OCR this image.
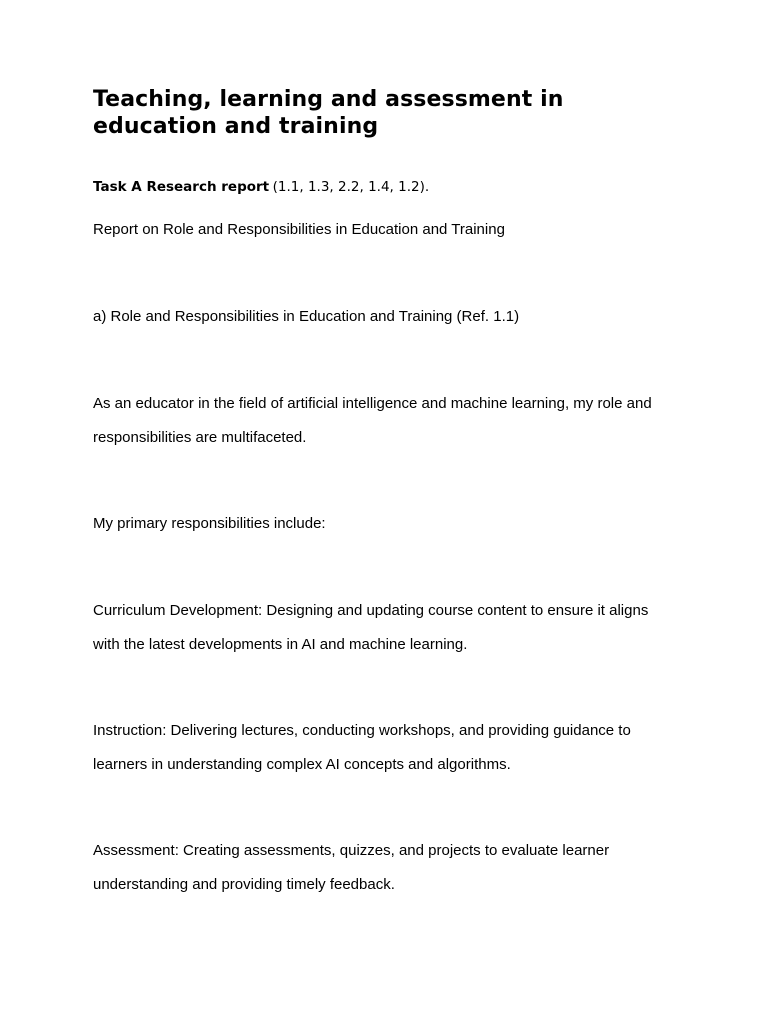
Teaching, learning and assessment in education and training

Task A Research report (1.1, 1.3, 2.2, 1.4, 1.2).

Report on Role and Responsibilities in Education and Training

a) Role and Responsibilities in Education and Training (Ref. 1.1)

As an educator in the field of artificial intelligence and machine learning, my role and
responsibilities are multifaceted.

My primary responsibilities include:

Curriculum Development: Designing and updating course content to ensure it aligns
with the latest developments in AI and machine learning.

Instruction: Delivering lectures, conducting workshops, and providing guidance to
learners in understanding complex AI concepts and algorithms.

Assessment: Creating assessments, quizzes, and projects to evaluate learner
understanding and providing timely feedback.
